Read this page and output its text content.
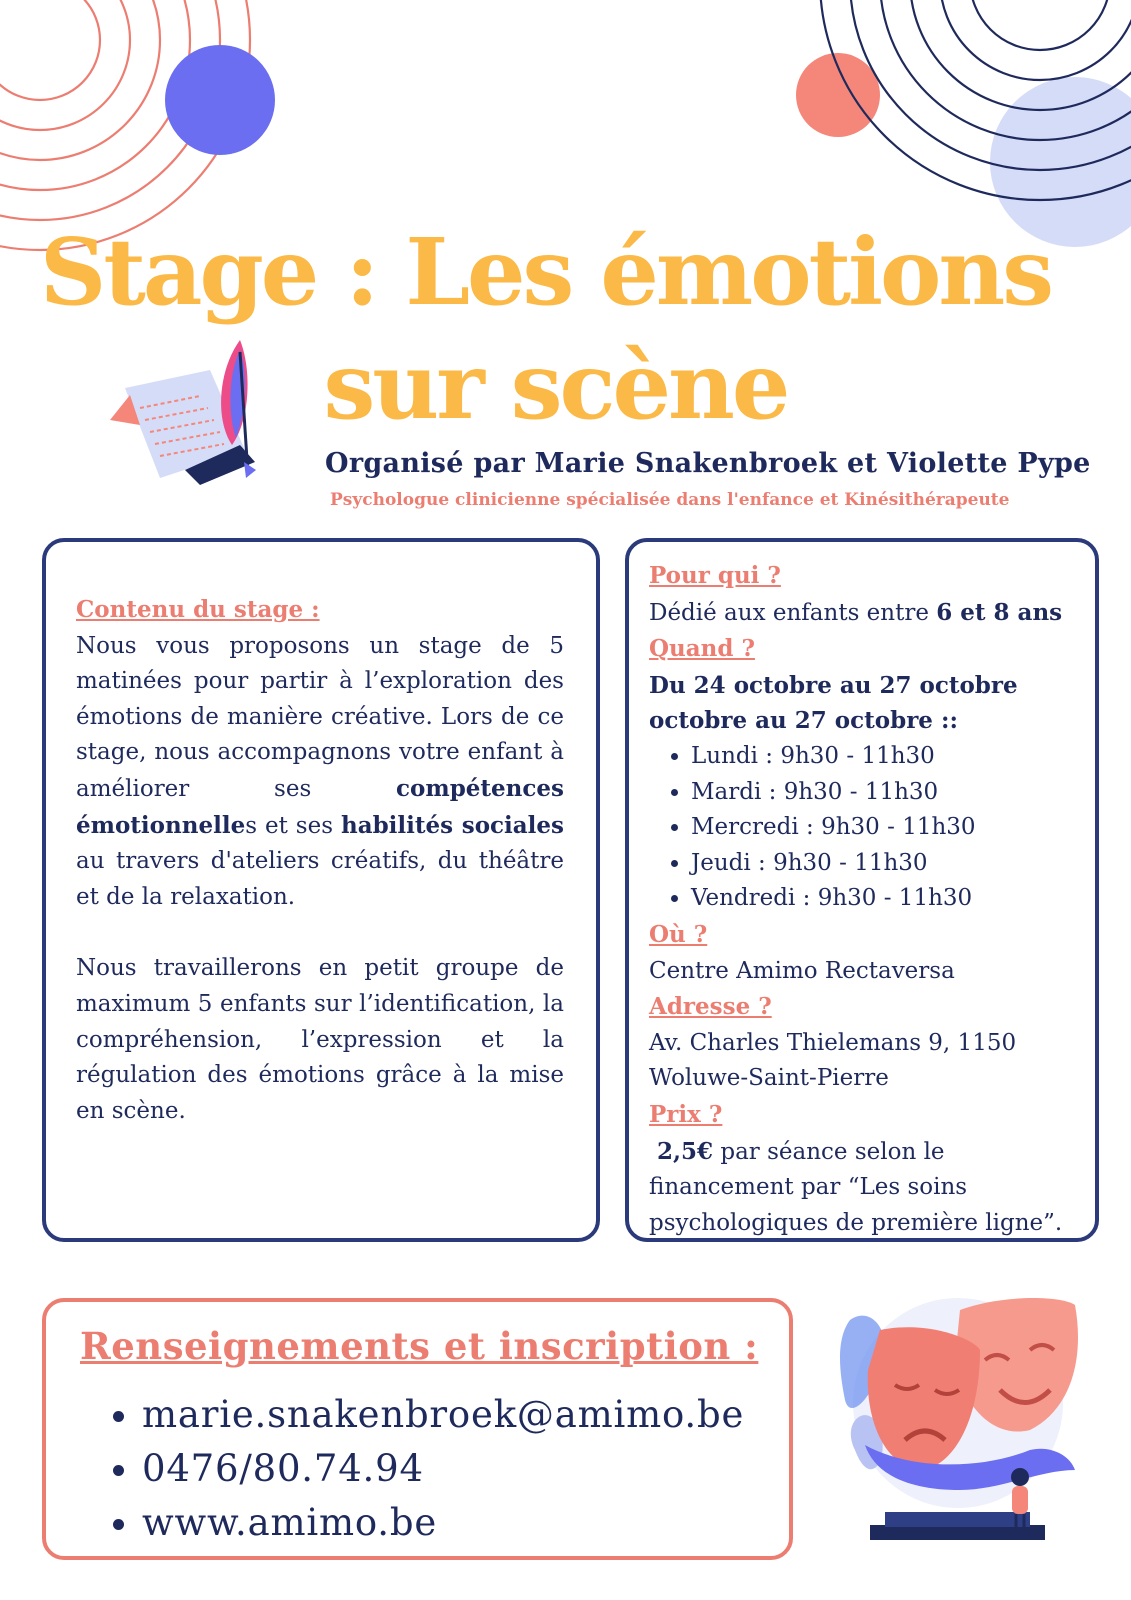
Stage : Les émotions
sur scène
Organisé par Marie Snakenbroek et Violette Pype
Psychologue clinicienne spécialisée dans l'enfance et Kinésithérapeute

Contenu du stage :

Nous vous proposons un stage de 5 matinées pour partir à l’exploration des émotions de manière créative. Lors de ce stage, nous accompagnons votre enfant à améliorer ses compétences émotionnelles et ses habilités sociales au travers d'ateliers créatifs, du théâtre et de la relaxation.

Nous travaillerons en petit groupe de maximum 5 enfants sur l’identification, la compréhension, l’expression et la régulation des émotions grâce à la mise en scène.

Pour qui ?
Dédié aux enfants entre 6 et 8 ans
Quand ?
Du 24 octobre au 27 octobre
octobre au 27 octobre ::
• Lundi : 9h30 - 11h30
• Mardi : 9h30 - 11h30
• Mercredi : 9h30 - 11h30
• Jeudi : 9h30 - 11h30
• Vendredi : 9h30 - 11h30
Où ?
Centre Amimo Rectaversa
Adresse ?
Av. Charles Thielemans 9, 1150
Woluwe-Saint-Pierre
Prix ?
2,5€ par séance selon le
financement par “Les soins
psychologiques de première ligne”.
Renseignements et inscription :
• marie.snakenbroek@amimo.be
• 0476/80.74.94
• www.amimo.be
